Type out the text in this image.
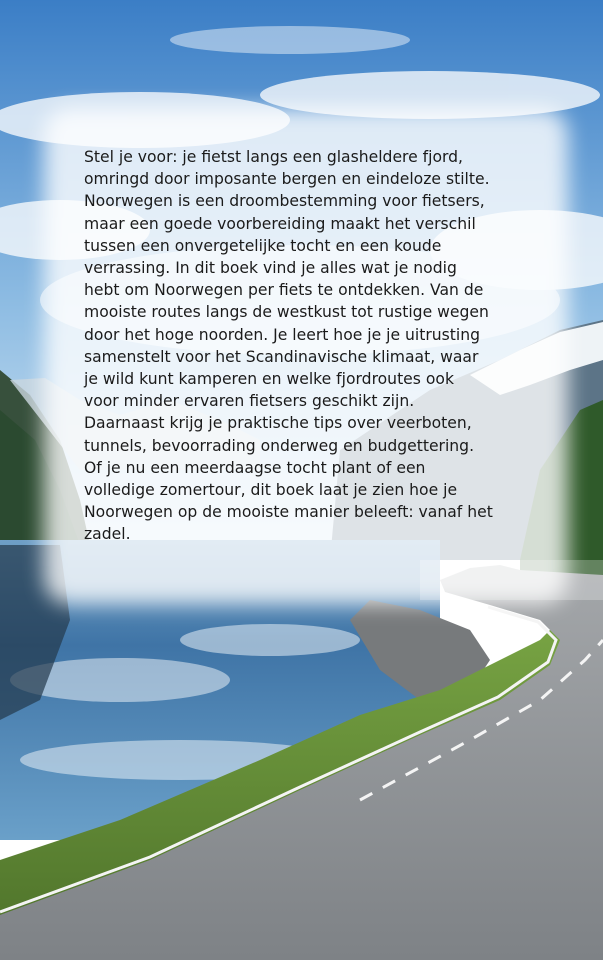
Stel je voor: je fietst langs een glasheldere fjord,
omringd door imposante bergen en eindeloze stilte.
Noorwegen is een droombestemming voor fietsers,
maar een goede voorbereiding maakt het verschil
tussen een onvergetelijke tocht en een koude
verrassing. In dit boek vind je alles wat je nodig
hebt om Noorwegen per fiets te ontdekken. Van de
mooiste routes langs de westkust tot rustige wegen
door het hoge noorden. Je leert hoe je je uitrusting
samenstelt voor het Scandinavische klimaat, waar
je wild kunt kamperen en welke fjordroutes ook
voor minder ervaren fietsers geschikt zijn.
Daarnaast krijg je praktische tips over veerboten,
tunnels, bevoorrading onderweg en budgettering.
Of je nu een meerdaagse tocht plant of een
volledige zomertour, dit boek laat je zien hoe je
Noorwegen op de mooiste manier beleeft: vanaf het
zadel.
